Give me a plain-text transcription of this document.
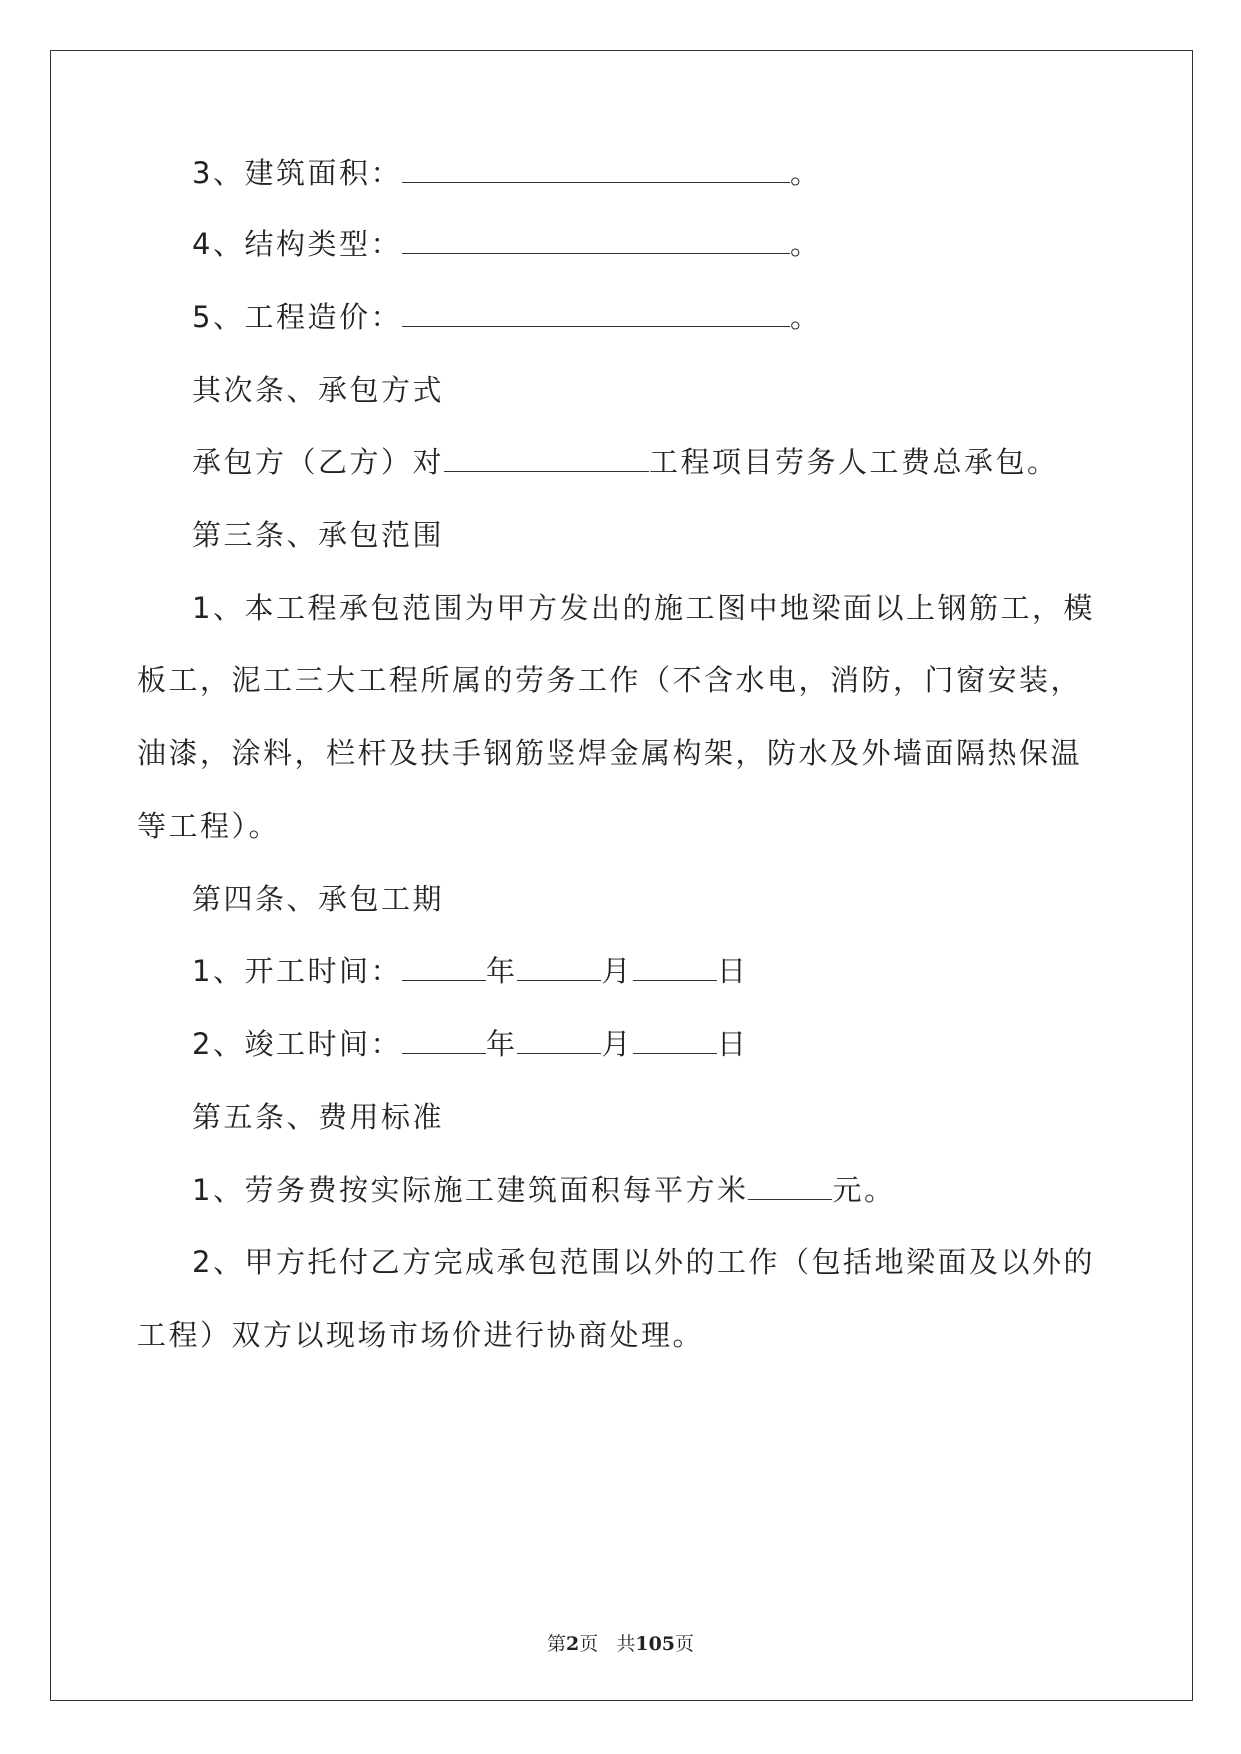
3、建筑面积：	。
4、结构类型：	。
5、工程造价：	。
其次条、承包方式
承包方（乙方）对	工程项目劳务人工费总承包。
第三条、承包范围
1、本工程承包范围为甲方发出的施工图中地梁面以上钢筋工，模
板工，泥工三大工程所属的劳务工作（不含水电，消防，门窗安装，
油漆，涂料，栏杆及扶手钢筋竖焊金属构架，防水及外墙面隔热保温
等工程）。
第四条、承包工期
1、开工时间：	年	月	日
2、竣工时间：	年	月	日
第五条、费用标准
1、劳务费按实际施工建筑面积每平方米	元。
2、甲方托付乙方完成承包范围以外的工作（包括地梁面及以外的
工程）双方以现场市场价进行协商处理。
第2页 共105页
